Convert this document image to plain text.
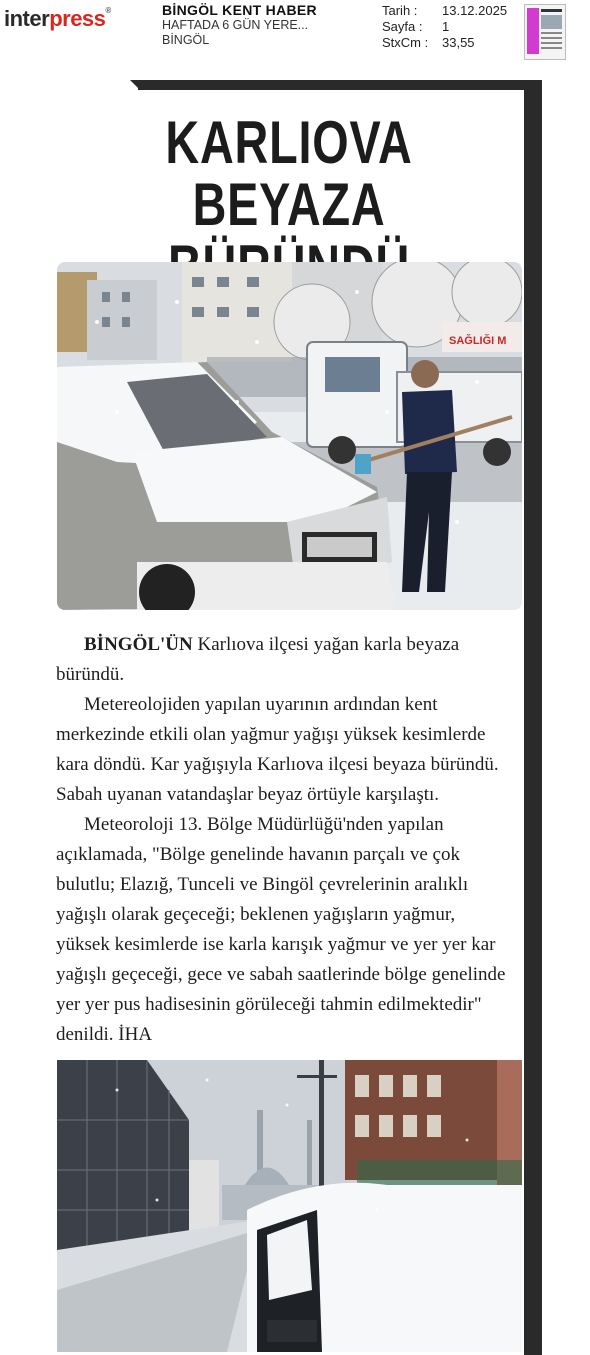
interpress®	BİNGÖL KENT HABER
HAFTADA 6 GÜN YERE...
BİNGÖL
Tarih :	13.12.2025
Sayfa :	1
StxCm :	33,55
KARLIOVA BEYAZA
SAĞLIĞI M

BİNGÖL'ÜN Karlıova ilçesi yağan karla beyaza büründü.

Metereolojiden yapılan uyarının ardından kent merkezinde etkili olan yağmur yağışı yüksek kesimlerde kara döndü. Kar yağışıyla Karlıova ilçesi beyaza büründü. Sabah uyanan vatandaşlar beyaz örtüyle karşılaştı.

Meteoroloji 13. Bölge Müdürlüğü'nden yapılan açıklamada, "Bölge genelinde havanın parçalı ve çok bulutlu; Elazığ, Tunceli ve Bingöl çevrelerinin aralıklı yağışlı olarak geçeceği; beklenen yağışların yağmur, yüksek kesimlerde ise karla karışık yağmur ve yer yer kar yağışlı geçeceği, gece ve sabah saatlerinde bölge genelinde yer yer pus hadisesinin görüleceği tahmin edilmektedir" denildi. İHA
